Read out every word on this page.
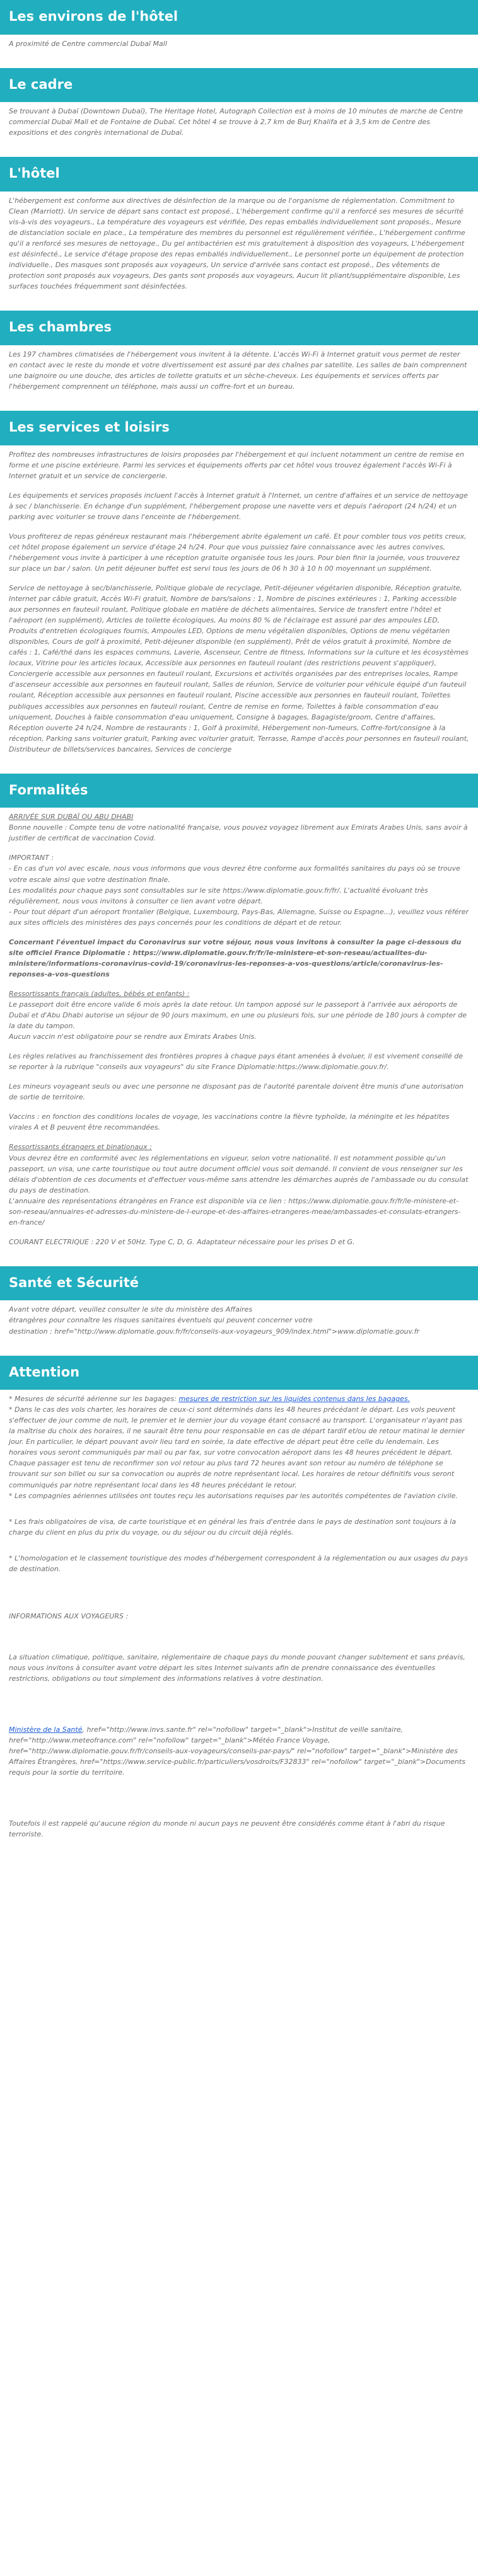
Les environs de l'hôtel

A proximité de Centre commercial Dubaï Mall

Le cadre

Se trouvant à Dubaï (Downtown Dubaï), The Heritage Hotel, Autograph Collection est à moins de 10 minutes de marche de Centre commercial Dubaï Mall et de Fontaine de Dubaï. Cet hôtel 4 se trouve à 2,7 km de Burj Khalifa et à 3,5 km de Centre des expositions et des congrès international de Dubaï.

L'hôtel

L'hébergement est conforme aux directives de désinfection de la marque ou de l'organisme de réglementation. Commitment to Clean (Marriott). Un service de départ sans contact est proposé., L'hébergement confirme qu'il a renforcé ses mesures de sécurité vis-à-vis des voyageurs., La température des voyageurs est vérifiée, Des repas emballés individuellement sont proposés., Mesure de distanciation sociale en place., La température des membres du personnel est régulièrement vérifiée., L'hébergement confirme qu'il a renforcé ses mesures de nettoyage., Du gel antibactérien est mis gratuitement à disposition des voyageurs, L'hébergement est désinfecté., Le service d'étage propose des repas emballés individuellement., Le personnel porte un équipement de protection individuelle., Des masques sont proposés aux voyageurs, Un service d'arrivée sans contact est proposé., Des vêtements de protection sont proposés aux voyageurs, Des gants sont proposés aux voyageurs, Aucun lit pliant/supplémentaire disponible, Les surfaces touchées fréquemment sont désinfectées.

Les chambres

Les 197 chambres climatisées de l'hébergement vous invitent à la détente. L'accès Wi-Fi à Internet gratuit vous permet de rester en contact avec le reste du monde et votre divertissement est assuré par des chaînes par satellite. Les salles de bain comprennent une baignoire ou une douche, des articles de toilette gratuits et un sèche-cheveux. Les équipements et services offerts par l'hébergement comprennent un téléphone, mais aussi un coffre-fort et un bureau.

Les services et loisirs

Profitez des nombreuses infrastructures de loisirs proposées par l'hébergement et qui incluent notamment un centre de remise en forme et une piscine extérieure. Parmi les services et équipements offerts par cet hôtel vous trouvez également l'accès Wi-Fi à Internet gratuit et un service de conciergerie.

Les équipements et services proposés incluent l'accès à Internet gratuit à l'Internet, un centre d'affaires et un service de nettoyage à sec / blanchisserie. En échange d'un supplément, l'hébergement propose une navette vers et depuis l'aéroport (24 h/24) et un parking avec voiturier se trouve dans l'enceinte de l'hébergement.

Vous profiterez de repas généreux restaurant mais l'hébergement abrite également un café. Et pour combler tous vos petits creux, cet hôtel propose également un service d'étage 24 h/24. Pour que vous puissiez faire connaissance avec les autres convives, l'hébergement vous invite à participer à une réception gratuite organisée tous les jours. Pour bien finir la journée, vous trouverez sur place un bar / salon. Un petit déjeuner buffet est servi tous les jours de 06 h 30 à 10 h 00 moyennant un supplément.

Service de nettoyage à sec/blanchisserie, Politique globale de recyclage, Petit-déjeuner végétarien disponible, Réception gratuite, Internet par câble gratuit, Accès Wi-Fi gratuit, Nombre de bars/salons : 1, Nombre de piscines extérieures : 1, Parking accessible aux personnes en fauteuil roulant, Politique globale en matière de déchets alimentaires, Service de transfert entre l'hôtel et l'aéroport (en supplément), Articles de toilette écologiques, Au moins 80 % de l'éclairage est assuré par des ampoules LED, Produits d'entretien écologiques fournis, Ampoules LED, Options de menu végétalien disponibles, Options de menu végétarien disponibles, Cours de golf à proximité, Petit-déjeuner disponible (en supplément), Prêt de vélos gratuit à proximité, Nombre de cafés : 1, Café/thé dans les espaces communs, Laverie, Ascenseur, Centre de fitness, Informations sur la culture et les écosystèmes locaux, Vitrine pour les articles locaux, Accessible aux personnes en fauteuil roulant (des restrictions peuvent s'appliquer), Conciergerie accessible aux personnes en fauteuil roulant, Excursions et activités organisées par des entreprises locales, Rampe d'ascenseur accessible aux personnes en fauteuil roulant, Salles de réunion, Service de voiturier pour véhicule équipé d'un fauteuil roulant, Réception accessible aux personnes en fauteuil roulant, Piscine accessible aux personnes en fauteuil roulant, Toilettes publiques accessibles aux personnes en fauteuil roulant, Centre de remise en forme, Toilettes à faible consommation d'eau uniquement, Douches à faible consommation d'eau uniquement, Consigne à bagages, Bagagiste/groom, Centre d'affaires, Réception ouverte 24 h/24, Nombre de restaurants : 1, Golf à proximité, Hébergement non-fumeurs, Coffre-fort/consigne à la réception, Parking sans voiturier gratuit, Parking avec voiturier gratuit, Terrasse, Rampe d'accès pour personnes en fauteuil roulant, Distributeur de billets/services bancaires, Services de concierge

Formalités

ARRIVÉE SUR DUBAÏ OU ABU DHABI
Bonne nouvelle : Compte tenu de votre nationalité française, vous pouvez voyagez librement aux Emirats Arabes Unis, sans avoir à justifier de certificat de vaccination Covid.

IMPORTANT :
- En cas d'un vol avec escale, nous vous informons que vous devrez être conforme aux formalités sanitaires du pays où se trouve votre escale ainsi que votre destination finale.
Les modalités pour chaque pays sont consultables sur le site https://www.diplomatie.gouv.fr/fr/. L'actualité évoluant très régulièrement, nous vous invitons à consulter ce lien avant votre départ.
- Pour tout départ d'un aéroport frontalier (Belgique, Luxembourg, Pays-Bas, Allemagne, Suisse ou Espagne...), veuillez vous référer aux sites officiels des ministères des pays concernés pour les conditions de départ et de retour.

Concernant l'éventuel impact du Coronavirus sur votre séjour, nous vous invitons à consulter la page ci-dessous du site officiel France Diplomatie : https://www.diplomatie.gouv.fr/fr/le-ministere-et-son-reseau/actualites-du-ministere/informations-coronavirus-covid-19/coronavirus-les-reponses-a-vos-questions/article/coronavirus-les-reponses-a-vos-questions

Ressortissants français (adultes, bébés et enfants) :
Le passeport doit être encore valide 6 mois après la date retour. Un tampon apposé sur le passeport à l'arrivée aux aéroports de Dubaï et d'Abu Dhabi autorise un séjour de 90 jours maximum, en une ou plusieurs fois, sur une période de 180 jours à compter de la date du tampon.
Aucun vaccin n'est obligatoire pour se rendre aux Emirats Arabes Unis.

Les règles relatives au franchissement des frontières propres à chaque pays étant amenées à évoluer, il est vivement conseillé de se reporter à la rubrique "conseils aux voyageurs" du site France Diplomatie:https://www.diplomatie.gouv.fr/.

Les mineurs voyageant seuls ou avec une personne ne disposant pas de l'autorité parentale doivent être munis d'une autorisation de sortie de territoire.

Vaccins : en fonction des conditions locales de voyage, les vaccinations contre la fièvre typhoïde, la méningite et les hépatites virales A et B peuvent être recommandées.

Ressortissants étrangers et binationaux :
Vous devrez être en conformité avec les réglementations en vigueur, selon votre nationalité. Il est notamment possible qu'un passeport, un visa, une carte touristique ou tout autre document officiel vous soit demandé. Il convient de vous renseigner sur les délais d'obtention de ces documents et d'effectuer vous-même sans attendre les démarches auprès de l'ambassade ou du consulat du pays de destination.
L'annuaire des représentations étrangères en France est disponible via ce lien : https://www.diplomatie.gouv.fr/fr/le-ministere-et-son-reseau/annuaires-et-adresses-du-ministere-de-l-europe-et-des-affaires-etrangeres-meae/ambassades-et-consulats-etrangers-en-france/

COURANT ELECTRIQUE : 220 V et 50Hz. Type C, D, G. Adaptateur nécessaire pour les prises D et G.

Santé et Sécurité

Avant votre départ, veuillez consulter le site du ministère des Affaires
étrangères pour connaître les risques sanitaires éventuels qui peuvent concerner votre
destination : href="http://www.diplomatie.gouv.fr/fr/conseils-aux-voyageurs_909/index.html">www.diplomatie.gouv.fr

Attention

* Mesures de sécurité aérienne sur les bagages: mesures de restriction sur les liquides contenus dans les bagages.
* Dans le cas des vols charter, les horaires de ceux-ci sont déterminés dans les 48 heures précédant le départ. Les vols peuvent s'effectuer de jour comme de nuit, le premier et le dernier jour du voyage étant consacré au transport. L'organisateur n'ayant pas la maîtrise du choix des horaires, il ne saurait être tenu pour responsable en cas de départ tardif et/ou de retour matinal le dernier jour. En particulier, le départ pouvant avoir lieu tard en soirée, la date effective de départ peut être celle du lendemain. Les horaires vous seront communiqués par mail ou par fax, sur votre convocation aéroport dans les 48 heures précédent le départ. Chaque passager est tenu de reconfirmer son vol retour au plus tard 72 heures avant son retour au numéro de téléphone se trouvant sur son billet ou sur sa convocation ou auprès de notre représentant local. Les horaires de retour définitifs vous seront communiqués par notre représentant local dans les 48 heures précédant le retour.
* Les compagnies aériennes utilisées ont toutes reçu les autorisations requises par les autorités compétentes de l'aviation civile.

* Les frais obligatoires de visa, de carte touristique et en général les frais d'entrée dans le pays de destination sont toujours à la charge du client en plus du prix du voyage, ou du séjour ou du circuit déjà réglés.

* L'homologation et le classement touristique des modes d'hébergement correspondent à la réglementation ou aux usages du pays de destination.

INFORMATIONS AUX VOYAGEURS :

La situation climatique, politique, sanitaire, réglementaire de chaque pays du monde pouvant changer subitement et sans préavis,
nous vous invitons à consulter avant votre départ les sites Internet suivants afin de prendre connaissance des éventuelles restrictions, obligations ou tout simplement des informations relatives à votre destination.

Ministère de la Santé, href="http://www.invs.sante.fr" rel="nofollow" target="_blank">Institut de veille sanitaire, href="http://www.meteofrance.com" rel="nofollow" target="_blank">Météo France Voyage, href="http://www.diplomatie.gouv.fr/fr/conseils-aux-voyageurs/conseils-par-pays/" rel="nofollow" target="_blank">Ministère des Affaires Étrangères, href="https://www.service-public.fr/particuliers/vosdroits/F32833" rel="nofollow" target="_blank">Documents requis pour la sortie du territoire.

Toutefois il est rappelé qu'aucune région du monde ni aucun pays ne peuvent être considérés comme étant à l'abri du risque terroriste.
